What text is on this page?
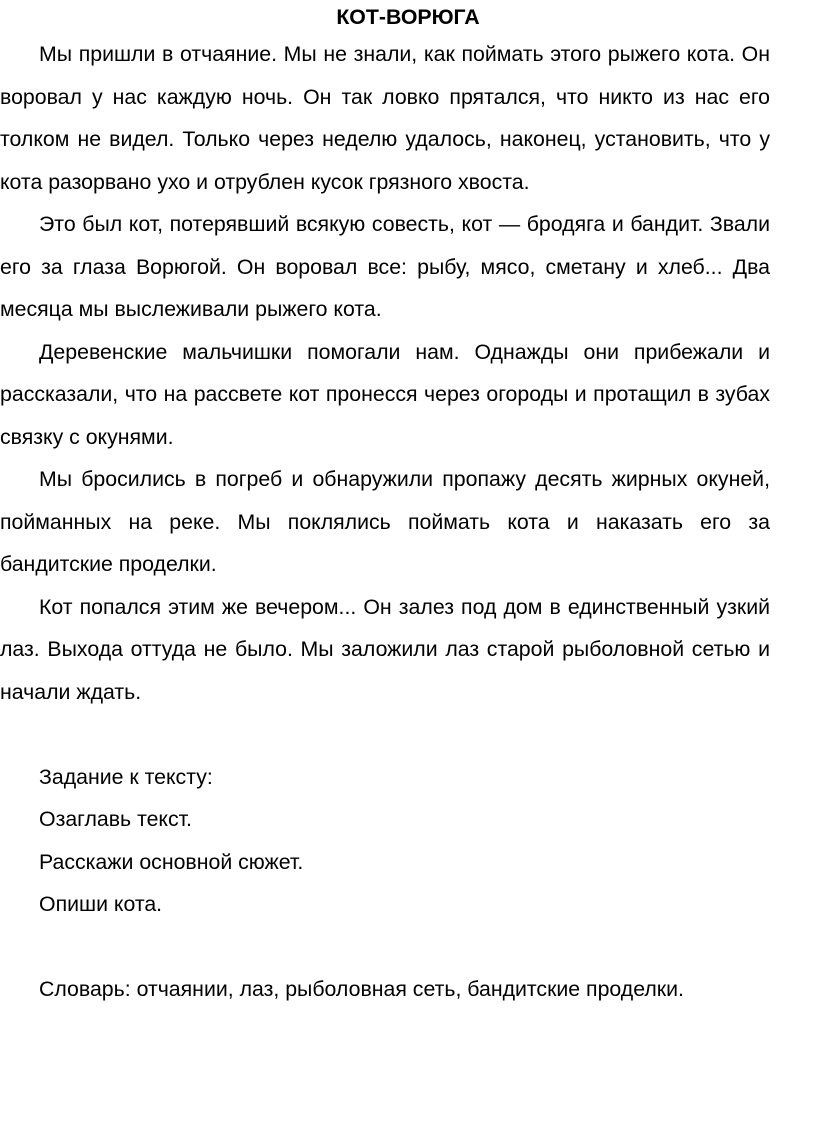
КОТ-ВОРЮГА

Мы пришли в отчаяние. Мы не знали, как поймать этого рыжего кота. Он воровал у нас каждую ночь. Он так ловко прятался, что никто из нас его толком не видел. Только через неделю удалось, наконец, установить, что у кота разорвано ухо и отрублен кусок грязного хвоста.

Это был кот, потерявший всякую совесть, кот — бродяга и бандит. Звали его за глаза Ворюгой. Он воровал все: рыбу, мясо, сметану и хлеб... Два месяца мы выслеживали рыжего кота.

Деревенские мальчишки помогали нам. Однажды они прибежали и рассказали, что на рассвете кот пронесся через огороды и протащил в зубах связку с окунями.

Мы бросились в погреб и обнаружили пропажу десять жирных окуней, пойманных на реке. Мы поклялись поймать кота и наказать его за бандитские проделки.

Кот попался этим же вечером... Он залез под дом в единственный узкий лаз. Выхода оттуда не было. Мы заложили лаз старой рыболовной сетью и начали ждать.

Задание к тексту:

Озаглавь текст.

Расскажи основной сюжет.

Опиши кота.

Словарь: отчаянии, лаз, рыболовная сеть, бандитские проделки.
